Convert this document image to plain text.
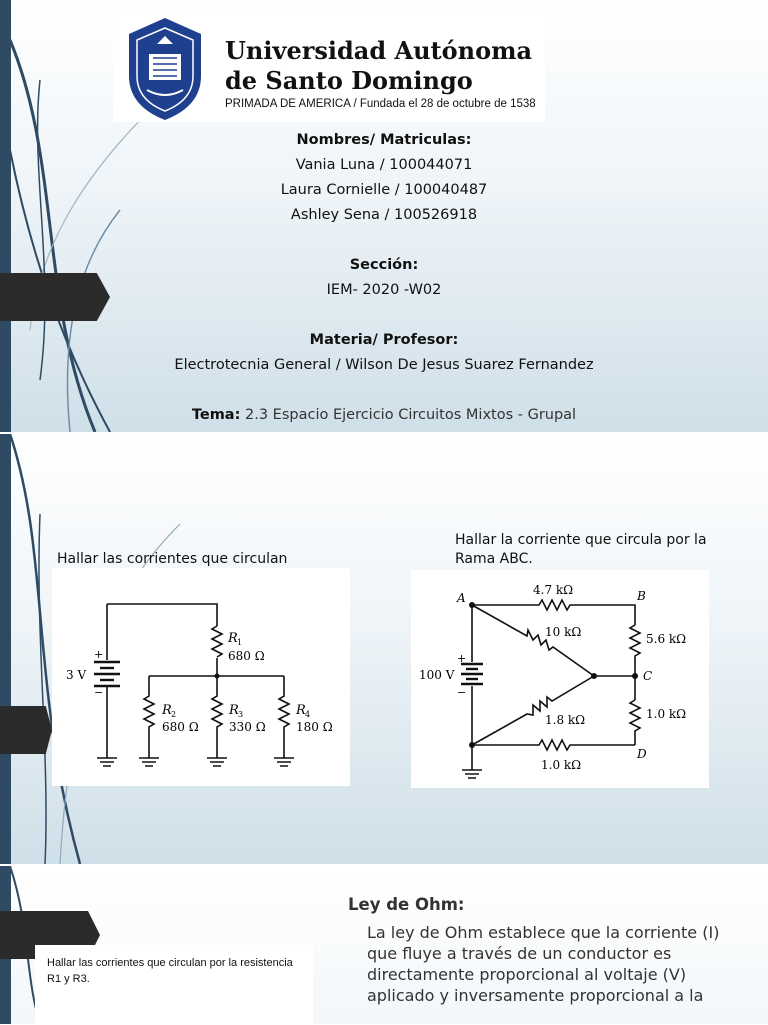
Universidad Autónoma
de Santo Domingo
PRIMADA DE AMERICA / Fundada el 28 de octubre de 1538
Nombres/ Matriculas:
Vania Luna / 100044071
Laura Cornielle / 100040487
Ashley Sena / 100526918
Sección:
IEM- 2020 -W02
Materia/ Profesor:
Electrotecnia General / Wilson De Jesus Suarez Fernandez
Tema: 2.3 Espacio Ejercicio Circuitos Mixtos - Grupal
Hallar las corrientes que circulan
Hallar la corriente que circula por la Rama ABC.
+
−
3 V
R 1
680 Ω
R 2
680 Ω
R 3
330 Ω
R 4
180 Ω
A	B
C
D
4.7 kΩ
10 kΩ	5.6 kΩ
1.8 kΩ	1.0 kΩ
1.0 kΩ
+
−
100 V
Ley de Ohm:
La ley de Ohm establece que la corriente (I) que fluye a través de un conductor es directamente proporcional al voltaje (V) aplicado y inversamente proporcional a la
Hallar las corrientes que circulan por la resistencia R1 y R3.
